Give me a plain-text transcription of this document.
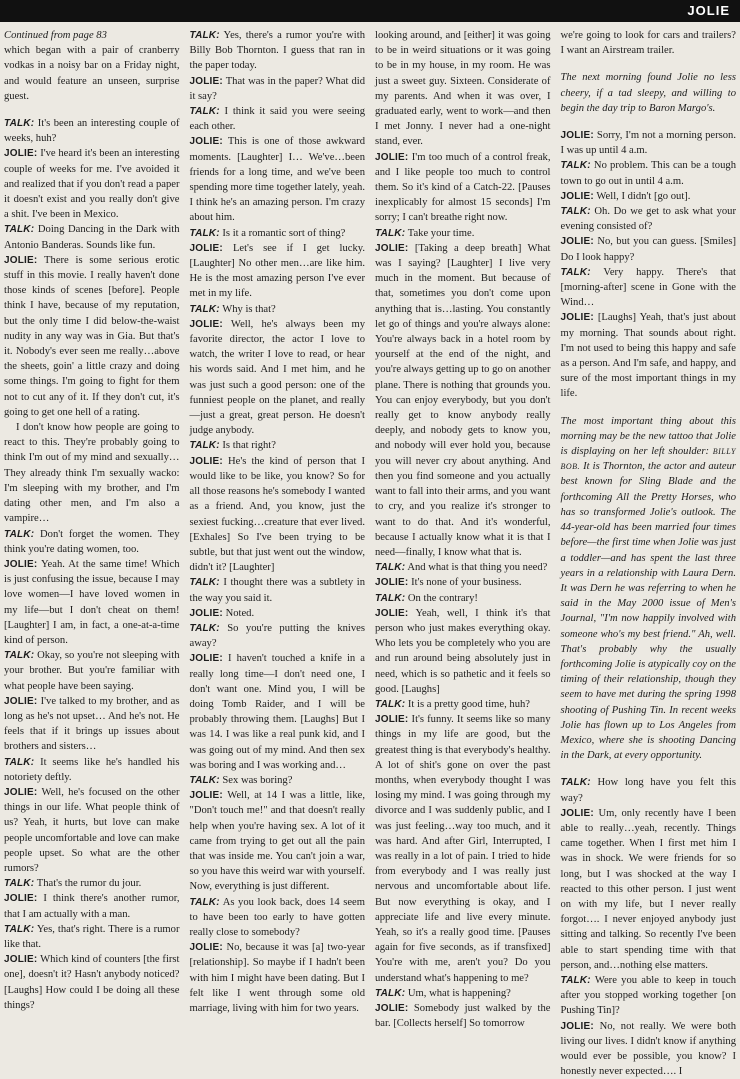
JOLIE

Continued from page 83
which began with a pair of cranberry vodkas in a noisy bar on a Friday night, and would feature an unseen, surprise guest.

TALK: It's been an interesting couple of weeks, huh?

JOLIE: I've heard it's been an interesting couple of weeks for me. I've avoided it and realized that if you don't read a paper it doesn't exist and you really don't give a shit. I've been in Mexico.

TALK: Doing Dancing in the Dark with Antonio Banderas. Sounds like fun.

JOLIE: There is some serious erotic stuff in this movie. I really haven't done those kinds of scenes [before]. People think I have, because of my reputation, but the only time I did below-the-waist nudity in any way was in Gia. But that's it. Nobody's ever seen me really…above the sheets, goin' a little crazy and doing some things. I'm going to fight for them not to cut any of it. If they don't cut, it's going to get one hell of a rating.

I don't know how people are going to react to this. They're probably going to think I'm out of my mind and sexually… They already think I'm sexually wacko: I'm sleeping with my brother, and I'm dating other men, and I'm also a vampire…

TALK: Don't forget the women. They think you're dating women, too.

JOLIE: Yeah. At the same time! Which is just confusing the issue, because I may love women—I have loved women in my life—but I don't cheat on them! [Laughter] I am, in fact, a one-at-a-time kind of person.

TALK: Okay, so you're not sleeping with your brother. But you're familiar with what people have been saying.

JOLIE: I've talked to my brother, and as long as he's not upset… And he's not. He feels that if it brings up issues about brothers and sisters…

TALK: It seems like he's handled his notoriety deftly.

JOLIE: Well, he's focused on the other things in our life. What people think of us? Yeah, it hurts, but love can make people uncomfortable and love can make people upset. So what are the other rumors?

TALK: That's the rumor du jour.

JOLIE: I think there's another rumor, that I am actually with a man.

TALK: Yes, that's right. There is a rumor like that.

JOLIE: Which kind of counters [the first one], doesn't it? Hasn't anybody noticed? [Laughs] How could I be doing all these things?

TALK: Yes, there's a rumor you're with Billy Bob Thornton. I guess that ran in the paper today.

JOLIE: That was in the paper? What did it say?

TALK: I think it said you were seeing each other.

JOLIE: This is one of those awkward moments. [Laughter] I… We've…been friends for a long time, and we've been spending more time together lately, yeah. I think he's an amazing person. I'm crazy about him.

TALK: Is it a romantic sort of thing?

JOLIE: Let's see if I get lucky. [Laughter] No other men…are like him. He is the most amazing person I've ever met in my life.

TALK: Why is that?

JOLIE: Well, he's always been my favorite director, the actor I love to watch, the writer I love to read, or hear his words said. And I met him, and he was just such a good person: one of the funniest people on the planet, and really—just a great, great person. He doesn't judge anybody.

TALK: Is that right?

JOLIE: He's the kind of person that I would like to be like, you know? So for all those reasons he's somebody I wanted as a friend. And, you know, just the sexiest fucking…creature that ever lived. [Exhales] So I've been trying to be subtle, but that just went out the window, didn't it? [Laughter]

TALK: I thought there was a subtlety in the way you said it.

JOLIE: Noted.

TALK: So you're putting the knives away?

JOLIE: I haven't touched a knife in a really long time—I don't need one, I don't want one. Mind you, I will be doing Tomb Raider, and I will be probably throwing them. [Laughs] But I was 14. I was like a real punk kid, and I was going out of my mind. And then sex was boring and I was working and…

TALK: Sex was boring?

JOLIE: Well, at 14 I was a little, like, "Don't touch me!" and that doesn't really help when you're having sex. A lot of it came from trying to get out all the pain that was inside me. You can't join a war, so you have this weird war with yourself. Now, everything is just different.

TALK: As you look back, does 14 seem to have been too early to have gotten really close to somebody?

JOLIE: No, because it was [a] two-year [relationship]. So maybe if I hadn't been with him I might have been dating. But I felt like I went through some old marriage, living with him for two years.

looking around, and [either] it was going to be in weird situations or it was going to be in my house, in my room. He was just a sweet guy. Sixteen. Considerate of my parents. And when it was over, I graduated early, went to work—and then I met Jonny. I never had a one-night stand, ever.

JOLIE: I'm too much of a control freak, and I like people too much to control them. So it's kind of a Catch-22. [Pauses inexplicably for almost 15 seconds] I'm sorry; I can't breathe right now.

TALK: Take your time.

JOLIE: [Taking a deep breath] What was I saying? [Laughter] I live very much in the moment. But because of that, sometimes you don't come upon anything that is…lasting. You constantly let go of things and you're always alone: You're always back in a hotel room by yourself at the end of the night, and you're always getting up to go on another plane. There is nothing that grounds you. You can enjoy everybody, but you don't really get to know anybody really deeply, and nobody gets to know you, and nobody will ever hold you, because you will never cry about anything. And then you find someone and you actually want to fall into their arms, and you want to cry, and you realize it's stronger to want to do that. And it's wonderful, because I actually know what it is that I need—finally, I know what that is.

TALK: And what is that thing you need?

JOLIE: It's none of your business.

TALK: On the contrary!

JOLIE: Yeah, well, I think it's that person who just makes everything okay. Who lets you be completely who you are and run around being absolutely just in need, which is so pathetic and it feels so good. [Laughs]

TALK: It is a pretty good time, huh?

JOLIE: It's funny. It seems like so many things in my life are good, but the greatest thing is that everybody's healthy. A lot of shit's gone on over the past months, when everybody thought I was losing my mind. I was going through my divorce and I was suddenly public, and I was just feeling…way too much, and it was hard. And after Girl, Interrupted, I was really in a lot of pain. I tried to hide from everybody and I was really just nervous and uncomfortable about life. But now everything is okay, and I appreciate life and live every minute. Yeah, so it's a really good time. [Pauses again for five seconds, as if transfixed] You're with me, aren't you? Do you understand what's happening to me?

TALK: Um, what is happening?

JOLIE: Somebody just walked by the bar. [Collects herself] So tomorrow

we're going to look for cars and trailers? I want an Airstream trailer.

The next morning found Jolie no less cheery, if a tad sleepy, and willing to begin the day trip to Baron Margo's.

JOLIE: Sorry, I'm not a morning person. I was up until 4 a.m.

TALK: No problem. This can be a tough town to go out in until 4 a.m.

JOLIE: Well, I didn't [go out].

TALK: Oh. Do we get to ask what your evening consisted of?

JOLIE: No, but you can guess. [Smiles] Do I look happy?

TALK: Very happy. There's that [morning-after] scene in Gone with the Wind…

JOLIE: [Laughs] Yeah, that's just about my morning. That sounds about right. I'm not used to being this happy and safe as a person. And I'm safe, and happy, and sure of the most important things in my life.

The most important thing about this morning may be the new tattoo that Jolie is displaying on her left shoulder: BILLY BOB. It is Thornton, the actor and auteur best known for Sling Blade and the forthcoming All the Pretty Horses, who has so transformed Jolie's outlook. The 44-year-old has been married four times before—the first time when Jolie was just a toddler—and has spent the last three years in a relationship with Laura Dern. It was Dern he was referring to when he said in the May 2000 issue of Men's Journal, "I'm now happily involved with someone who's my best friend." Ah, well. That's probably why the usually forthcoming Jolie is atypically coy on the timing of their relationship, though they seem to have met during the spring 1998 shooting of Pushing Tin. In recent weeks Jolie has flown up to Los Angeles from Mexico, where she is shooting Dancing in the Dark, at every opportunity.

TALK: How long have you felt this way?

JOLIE: Um, only recently have I been able to really…yeah, recently. Things came together. When I first met him I was in shock. We were friends for so long, but I was shocked at the way I reacted to this other person. I just went on with my life, but I never really forgot…. I never enjoyed anybody just sitting and talking. So recently I've been able to start spending time with that person, and…nothing else matters.

TALK: Were you able to keep in touch after you stopped working together [on Pushing Tin]?

JOLIE: No, not really. We were both living our lives. I didn't know if anything would ever be possible, you know? I honestly never expected…. I
